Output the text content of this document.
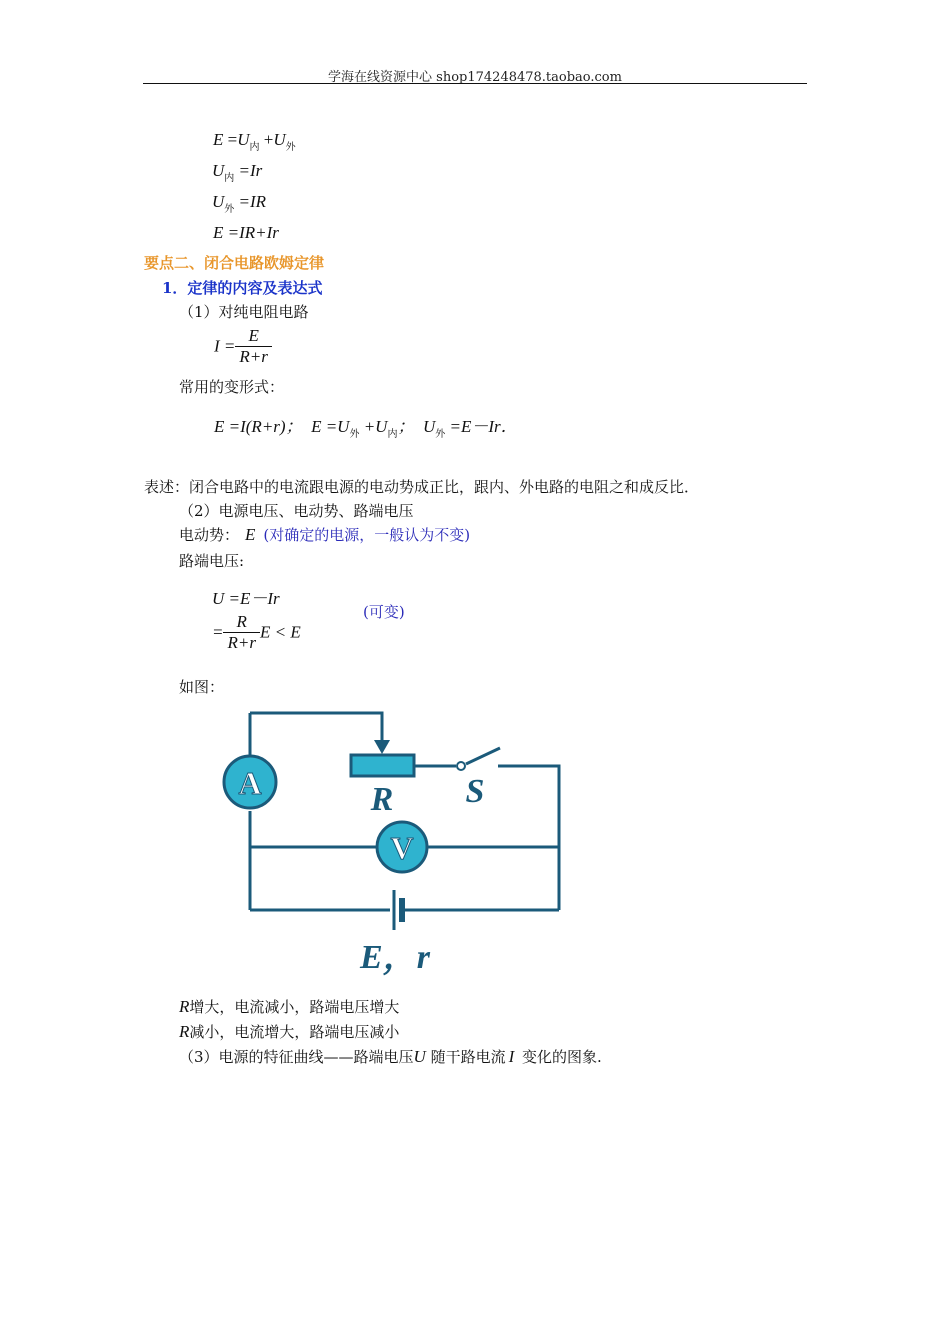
学海在线资源中心 shop174248478.taobao.com
$E =U_内 +U_外$
$U_内 =Ir$
$U_外 =IR$
E =IR+Ir
要点二、闭合电路欧姆定律
1．定律的内容及表达式
（1）对纯电阻电路
$I = \frac{E}{R+r}$
常用的变形式：
E =I(R+r)； $E =U_外 +U_内$； $U_外 =E-Ir$．
表述：闭合电路中的电流跟电源的电动势成正比，跟内、外电路的电阻之和成反比．
（2）电源电压、电动势、路端电压
电动势： E (对确定的电源，一般认为不变)
路端电压:
U =E－Ir
(可变)
= $\frac{R}{R+r}$ E < E
如图：
A
V
R S
E，r
R增大，电流减小，路端电压增大
R减小，电流增大，路端电压减小
（3）电源的特征曲线——路端电压U 随干路电流 I 变化的图象.
